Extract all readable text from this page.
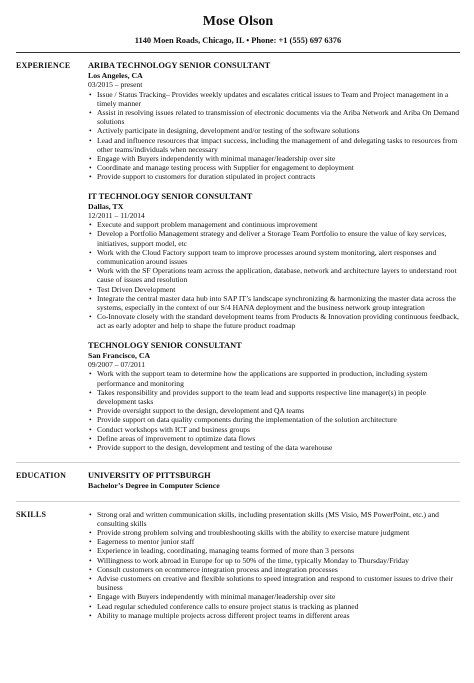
Mose Olson
1140 Moen Roads, Chicago, IL • Phone: +1 (555) 697 6376
EXPERIENCE	ARIBA TECHNOLOGY SENIOR CONSULTANT
Los Angeles, CA
03/2015 – present
• Issue / Status Tracking– Provides weekly updates and escalates critical issues to Team and Project management in a timely manner
• Assist in resolving issues related to transmission of electronic documents via the Ariba Network and Ariba On Demand solutions
• Actively participate in designing, development and/or testing of the software solutions
• Lead and influence resources that impact success, including the management of and delegating tasks to resources from other teams/individuals when necessary
• Engage with Buyers independently with minimal manager/leadership over site
• Coordinate and manage testing process with Supplier for engagement to deployment
• Provide support to customers for duration stipulated in project contracts
IT TECHNOLOGY SENIOR CONSULTANT
Dallas, TX
12/2011 – 11/2014
• Execute and support problem management and continuous improvement
• Develop a Portfolio Management strategy and deliver a Storage Team Portfolio to ensure the value of key services, initiatives, support model, etc
• Work with the Cloud Factory support team to improve processes around system monitoring, alert responses and communication around issues
• Work with the SF Operations team across the application, database, network and architecture layers to understand root cause of issues and resolution
• Test Driven Development
• Integrate the central master data hub into SAP IT’s landscape synchronizing & harmonizing the master data across the systems, especially in the context of our S/4 HANA deployment and the business network group integration
• Co-Innovate closely with the standard development teams from Products & Innovation providing continuous feedback, act as early adopter and help to shape the future product roadmap
TECHNOLOGY SENIOR CONSULTANT
San Francisco, CA
09/2007 – 07/2011
• Work with the support team to determine how the applications are supported in production, including system performance and monitoring
• Takes responsibility and provides support to the team lead and supports respective line manager(s) in people development tasks
• Provide oversight support to the design, development and QA teams
• Provide support on data quality components during the implementation of the solution architecture
• Conduct workshops with ICT and business groups
• Define areas of improvement to optimize data flows
• Provide support to the design, development and testing of the data warehouse
EDUCATION	UNIVERSITY OF PITTSBURGH
Bachelor’s Degree in Computer Science
SKILLS
•	Strong oral and written communication skills, including presentation skills (MS Visio, MS PowerPoint, etc.) and consulting skills
• Provide strong problem solving and troubleshooting skills with the ability to exercise mature judgment
• Eagerness to mentor junior staff
• Experience in leading, coordinating, managing teams formed of more than 3 persons
• Willingness to work abroad in Europe for up to 50% of the time, typically Monday to Thursday/Friday
• Consult customers on ecommerce integration process and integration processes
• Advise customers on creative and flexible solutions to speed integration and respond to customer issues to drive their business
• Engage with Buyers independently with minimal manager/leadership over site
• Lead regular scheduled conference calls to ensure project status is tracking as planned
• Ability to manage multiple projects across different project teams in different areas
